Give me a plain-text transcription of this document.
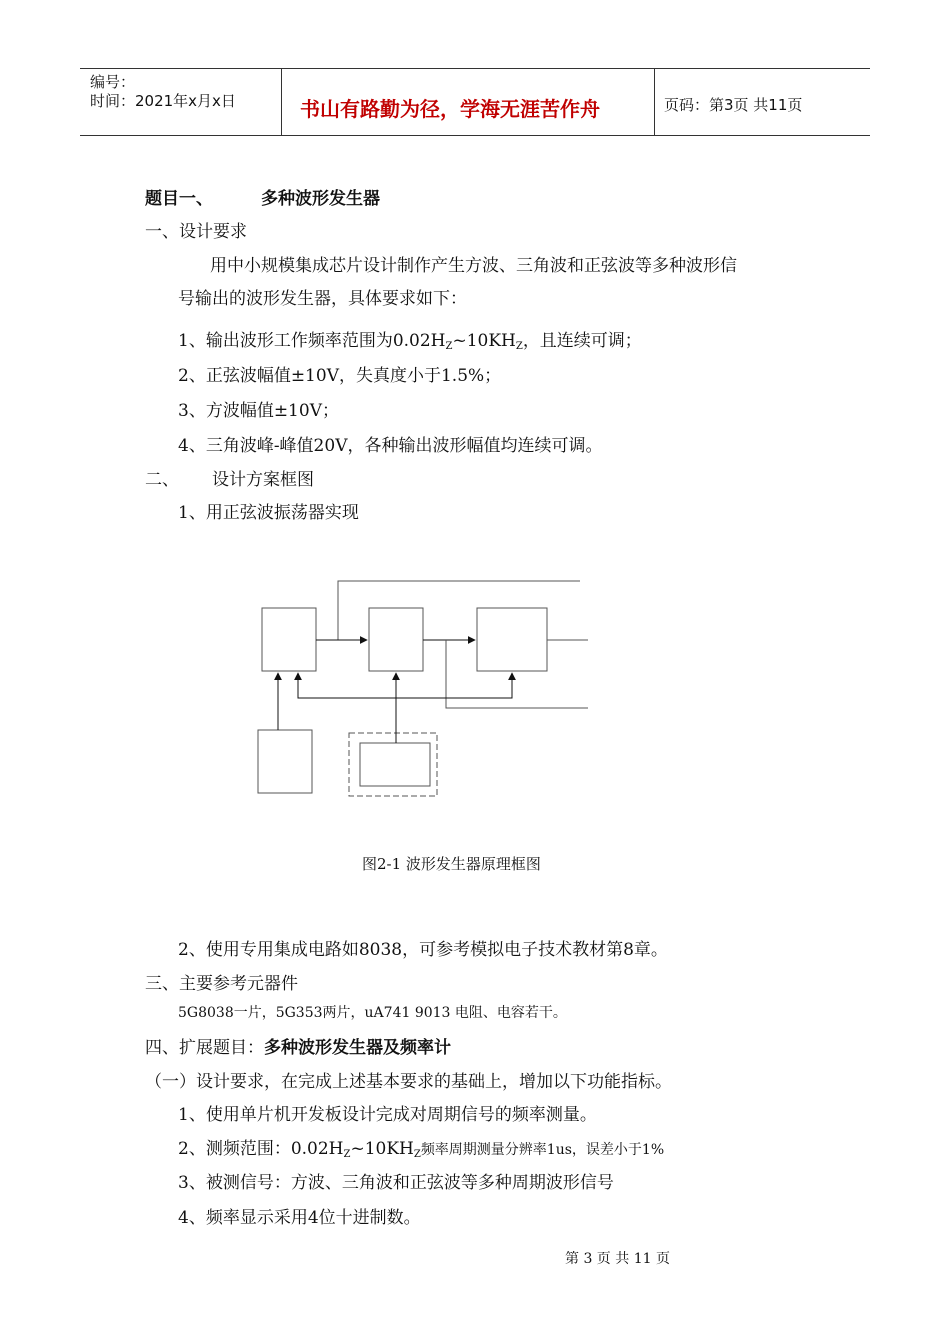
编号：
时间：2021年x月x日	书山有路勤为径，学海无涯苦作舟	页码：第3页 共11页
题目一、	多种波形发生器
一、设计要求
用中小规模集成芯片设计制作产生方波、三角波和正弦波等多种波形信
号输出的波形发生器，具体要求如下：
1、输出波形工作频率范围为$0.02H_Z\sim 10KH_Z$，且连续可调；
2、正弦波幅值±10V，失真度小于1.5%；
3、方波幅值±10V；
4、三角波峰-峰值20V，各种输出波形幅值均连续可调。
二、 设计方案框图
1、用正弦波振荡器实现
图2-1 波形发生器原理框图
2、使用专用集成电路如8038，可参考模拟电子技术教材第8章。
三、主要参考元器件
5G8038一片，5G353两片，uA741 9013 电阻、电容若干。
四、扩展题目：多种波形发生器及频率计
（一）设计要求，在完成上述基本要求的基础上，增加以下功能指标。
1、使用单片机开发板设计完成对周期信号的频率测量。
2、测频范围：$0.02H_Z\sim 10KH_Z$频率周期测量分辨率1us，误差小于1%
3、被测信号：方波、三角波和正弦波等多种周期波形信号
4、频率显示采用4位十进制数。
第 3 页 共 11 页
